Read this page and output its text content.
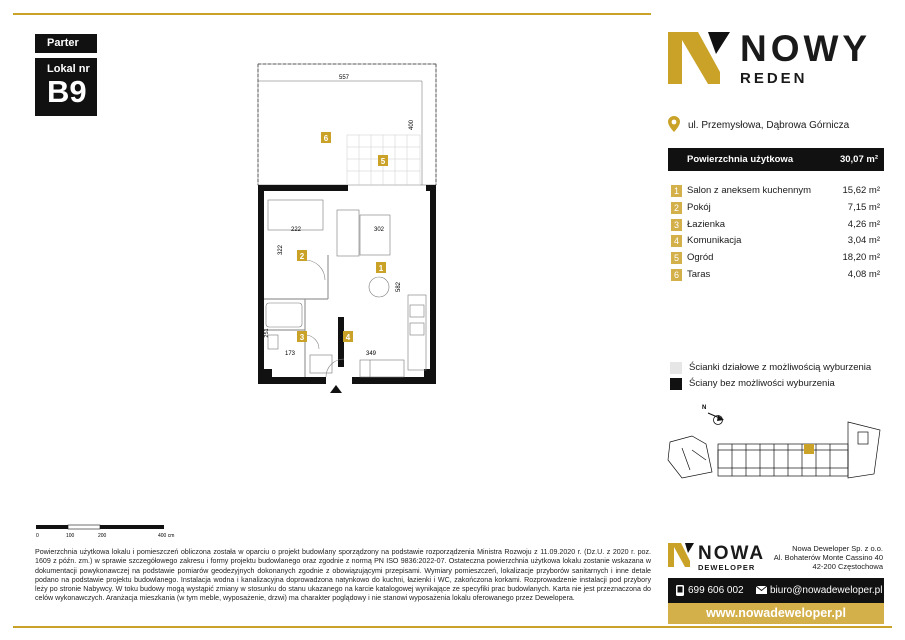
Parter
Lokal nr
B9	557
400
222	302
322
582
251
173	349
1
2
3	4
5
6
0	100	200	400 cm
Powierzchnia użytkowa lokalu i pomieszczeń obliczona została w oparciu o projekt budowlany sporządzony na podstawie rozporządzenia Ministra Rozwoju z 11.09.2020 r. (Dz.U. z 2020 r. poz. 1609 z późn. zm.) w sprawie szczegółowego zakresu i formy projektu budowlanego oraz zgodnie z normą PN ISO 9836:2022-07. Ostateczna powierzchnia użytkowa lokalu zostanie wskazana w dokumentacji powykonawczej na podstawie pomiarów geodezyjnych dokonanych zgodnie z obowiązującymi przepisami. Wymiary pomieszczeń, lokalizacje przyborów sanitarnych i inne detale podano na podstawie projektu budowlanego. Instalacja wodna i kanalizacyjna doprowadzona natynkowo do kuchni, łazienki i WC, zakończona korkami. Rozprowadzenie instalacji pod przybory leży po stronie Nabywcy. W toku budowy mogą wystąpić zmiany w stosunku do stanu ukazanego na karcie katalogowej wynikające ze specyfiki prac budowlanych. Karta nie jest przeznaczona do celów wykonawczych. Aranżacja mieszkania (w tym meble, wyposażenie, drzwi) ma charakter poglądowy i nie stanowi wyposażenia lokalu oferowanego przez Dewelopera.
NOWY
REDEN
ul. Przemysłowa, Dąbrowa Górnicza
Powierzchnia użytkowa	30,07 m²
1 Salon z aneksem kuchennym	15,62 m²
2 Pokój	7,15 m²
3 Łazienka	4,26 m²
4 Komunikacja	3,04 m²
5 Ogród	18,20 m²
6 Taras	4,08 m²
Ścianki działowe z możliwością wyburzenia
Ściany bez możliwości wyburzenia
N
NOWA
DEWELOPER
Nowa Deweloper Sp. z o.o.
Al. Bohaterów Monte Cassino 40
42-200 Częstochowa
699 606 002	biuro@nowadeweloper.pl
www.nowadeweloper.pl
